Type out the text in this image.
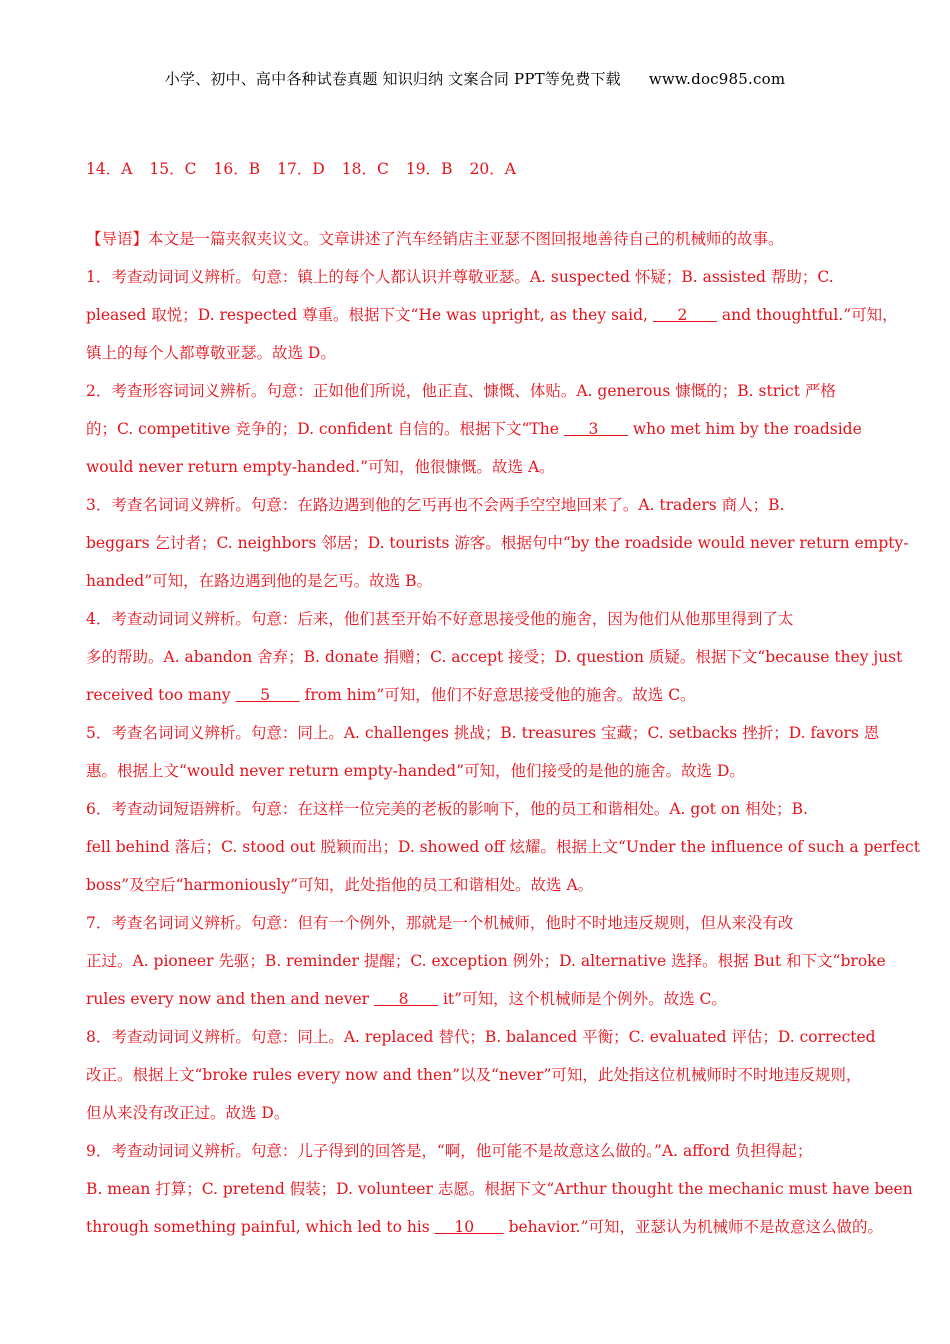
小学、初中、高中各种试卷真题 知识归纳 文案合同 PPT等免费下载 www.doc985.com
14．A 15．C 16．B 17．D 18．C 19．B 20．A
【导语】本文是一篇夹叙夹议文。文章讲述了汽车经销店主亚瑟不图回报地善待自己的机械师的故事。
1．考查动词词义辨析。句意：镇上的每个人都认识并尊敬亚瑟。A. suspected 怀疑；B. assisted 帮助；C.
pleased 取悦；D. respected 尊重。根据下文“He was upright, as they said,      2       and thoughtful.”可知，
镇上的每个人都尊敬亚瑟。故选 D。
2．考查形容词词义辨析。句意：正如他们所说，他正直、慷慨、体贴。A. generous 慷慨的；B. strict 严格
的；C. competitive 竞争的；D. confident 自信的。根据下文“The      3       who met him by the roadside
would never return empty-handed.”可知，他很慷慨。故选 A。
3．考查名词词义辨析。句意：在路边遇到他的乞丐再也不会两手空空地回来了。A. traders 商人；B.
beggars 乞讨者；C. neighbors 邻居；D. tourists 游客。根据句中“by the roadside would never return empty-
handed”可知，在路边遇到他的是乞丐。故选 B。
4．考查动词词义辨析。句意：后来，他们甚至开始不好意思接受他的施舍，因为他们从他那里得到了太
多的帮助。A. abandon 舍弃；B. donate 捐赠；C. accept 接受；D. question 质疑。根据下文“because they just
received too many      5       from him”可知，他们不好意思接受他的施舍。故选 C。
5．考查名词词义辨析。句意：同上。A. challenges 挑战；B. treasures 宝藏；C. setbacks 挫折；D. favors 恩
惠。根据上文“would never return empty-handed”可知，他们接受的是他的施舍。故选 D。
6．考查动词短语辨析。句意：在这样一位完美的老板的影响下，他的员工和谐相处。A. got on 相处；B.
fell behind 落后；C. stood out 脱颖而出；D. showed off 炫耀。根据上文“Under the influence of such a perfect
boss”及空后“harmoniously”可知，此处指他的员工和谐相处。故选 A。
7．考查名词词义辨析。句意：但有一个例外，那就是一个机械师，他时不时地违反规则，但从来没有改
正过。A. pioneer 先驱；B. reminder 提醒；C. exception 例外；D. alternative 选择。根据 But 和下文“broke
rules every now and then and never      8       it”可知，这个机械师是个例外。故选 C。
8．考查动词词义辨析。句意：同上。A. replaced 替代；B. balanced 平衡；C. evaluated 评估；D. corrected
改正。根据上文“broke rules every now and then”以及“never”可知，此处指这位机械师时不时地违反规则，
但从来没有改正过。故选 D。
9．考查动词词义辨析。句意：儿子得到的回答是，“啊，他可能不是故意这么做的。”A. afford 负担得起；
B. mean 打算；C. pretend 假装；D. volunteer 志愿。根据下文“Arthur thought the mechanic must have been
through something painful, which led to his     10       behavior.”可知，亚瑟认为机械师不是故意这么做的。
